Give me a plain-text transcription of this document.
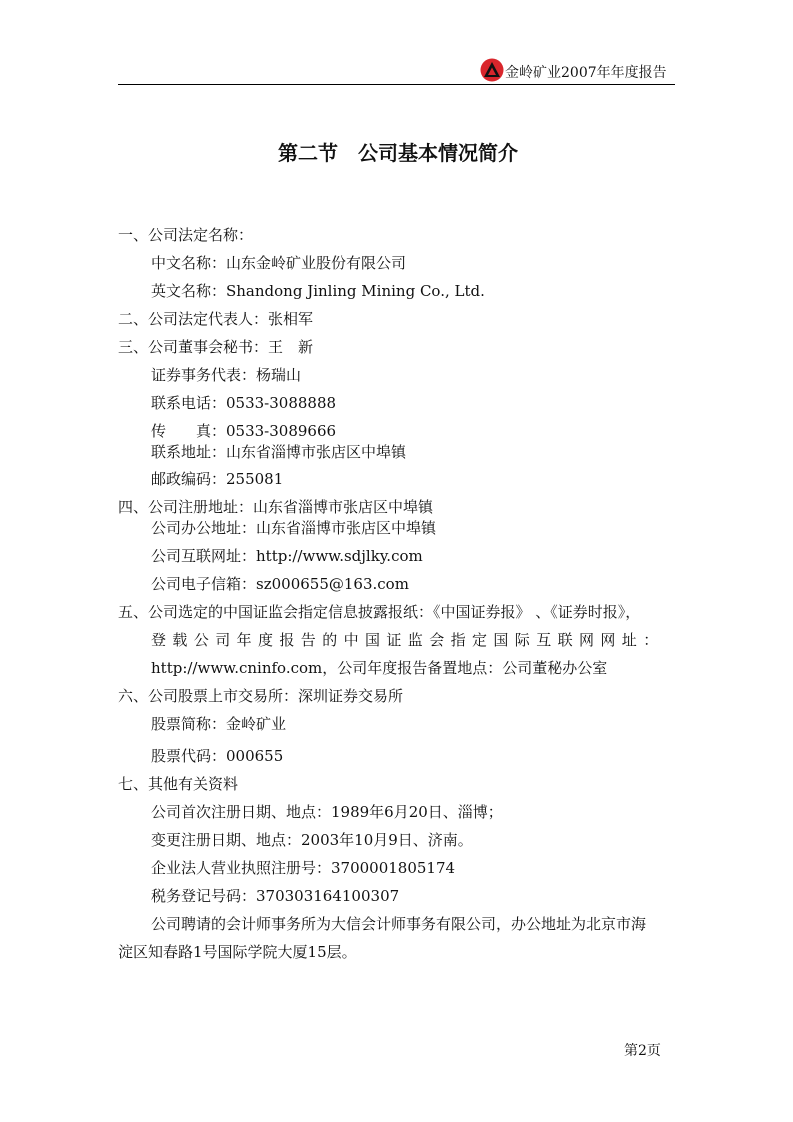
金岭矿业2007年年度报告
第二节　公司基本情况简介
一、公司法定名称：
中文名称：山东金岭矿业股份有限公司
英文名称：Shandong Jinling Mining Co., Ltd.
二、公司法定代表人：张相军
三、公司董事会秘书：王　新
证券事务代表：杨瑞山
联系电话：0533-3088888
传　　真：0533-3089666
联系地址：山东省淄博市张店区中埠镇
邮政编码：255081
四、公司注册地址：山东省淄博市张店区中埠镇
公司办公地址：山东省淄博市张店区中埠镇
公司互联网址：http://www.sdjlky.com
公司电子信箱：sz000655@163.com
五、公司选定的中国证监会指定信息披露报纸：《中国证券报》 、《证券时报》，
登载公司年度报告的中国证监会指定国际互联网网址：
http://www.cninfo.com，公司年度报告备置地点：公司董秘办公室
六、公司股票上市交易所：深圳证券交易所
股票简称：金岭矿业
股票代码：000655
七、其他有关资料
公司首次注册日期、地点：1989年6月20日、淄博；
变更注册日期、地点：2003年10月9日、济南。
企业法人营业执照注册号：3700001805174
税务登记号码：370303164100307
公司聘请的会计师事务所为大信会计师事务有限公司，办公地址为北京市海
淀区知春路1号国际学院大厦15层。
第2页
